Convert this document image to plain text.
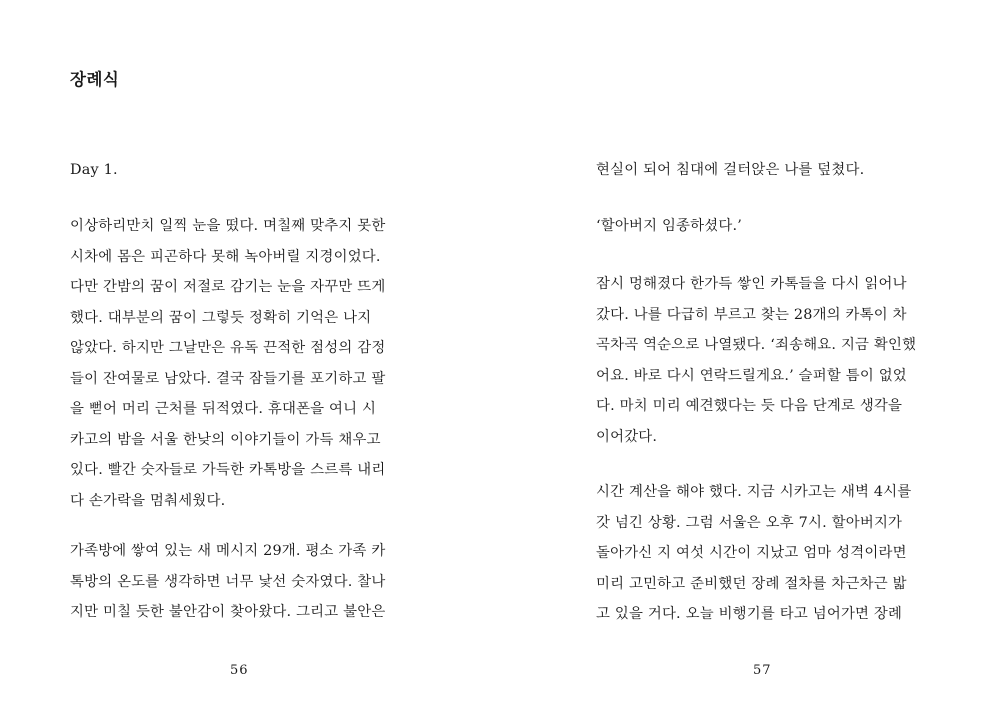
장례식
Day 1.
이상하리만치 일찍 눈을 떴다. 며칠째 맞추지 못한
시차에 몸은 피곤하다 못해 녹아버릴 지경이었다.
다만 간밤의 꿈이 저절로 감기는 눈을 자꾸만 뜨게
했다. 대부분의 꿈이 그렇듯 정확히 기억은 나지
않았다. 하지만 그날만은 유독 끈적한 점성의 감정
들이 잔여물로 남았다. 결국 잠들기를 포기하고 팔
을 뻗어 머리 근처를 뒤적였다. 휴대폰을 여니 시
카고의 밤을 서울 한낮의 이야기들이 가득 채우고
있다. 빨간 숫자들로 가득한 카톡방을 스르륵 내리
다 손가락을 멈춰세웠다.
가족방에 쌓여 있는 새 메시지 29개. 평소 가족 카
톡방의 온도를 생각하면 너무 낯선 숫자였다. 찰나
지만 미칠 듯한 불안감이 찾아왔다. 그리고 불안은
56
현실이 되어 침대에 걸터앉은 나를 덮쳤다.
‘할아버지 임종하셨다.’
잠시 멍해졌다 한가득 쌓인 카톡들을 다시 읽어나
갔다. 나를 다급히 부르고 찾는 28개의 카톡이 차
곡차곡 역순으로 나열됐다. ‘죄송해요. 지금 확인했
어요. 바로 다시 연락드릴게요.’ 슬퍼할 틈이 없었
다. 마치 미리 예견했다는 듯 다음 단계로 생각을
이어갔다.
시간 계산을 해야 했다. 지금 시카고는 새벽 4시를
갓 넘긴 상황. 그럼 서울은 오후 7시. 할아버지가
돌아가신 지 여섯 시간이 지났고 엄마 성격이라면
미리 고민하고 준비했던 장례 절차를 차근차근 밟
고 있을 거다. 오늘 비행기를 타고 넘어가면 장례
57
